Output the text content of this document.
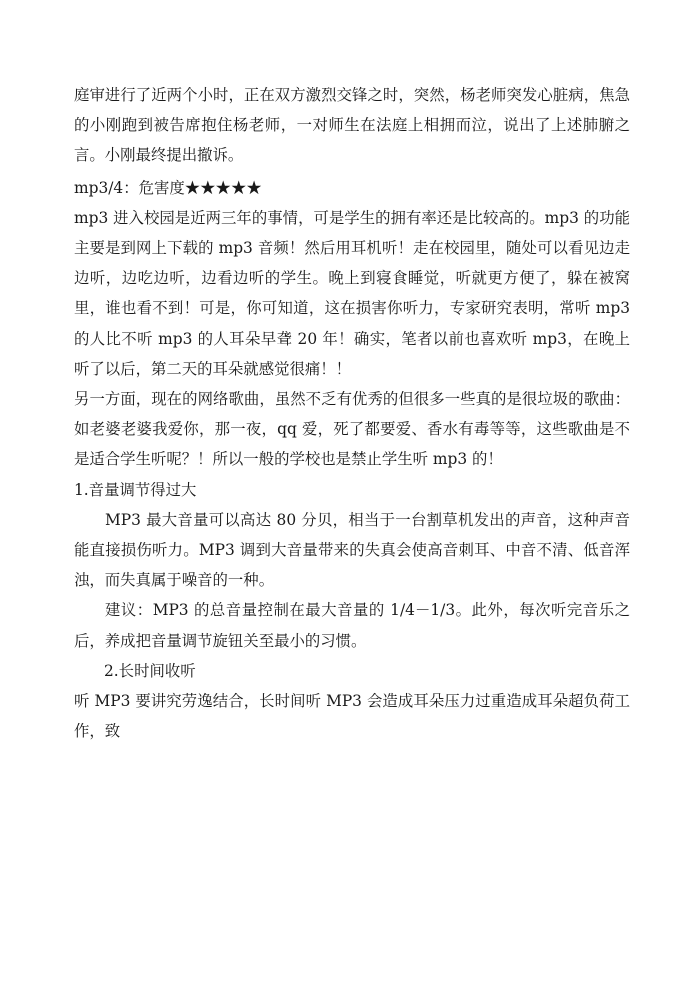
庭审进行了近两个小时，正在双方激烈交锋之时，突然，杨老师突发心脏病，焦急的小刚跑到被告席抱住杨老师，一对师生在法庭上相拥而泣，说出了上述肺腑之言。小刚最终提出撤诉。

mp3/4：危害度★★★★★

mp3 进入校园是近两三年的事情，可是学生的拥有率还是比较高的。mp3 的功能主要是到网上下载的 mp3 音频！然后用耳机听！走在校园里，随处可以看见边走边听，边吃边听，边看边听的学生。晚上到寝食睡觉，听就更方便了，躲在被窝里，谁也看不到！可是，你可知道，这在损害你听力，专家研究表明，常听 mp3 的人比不听 mp3 的人耳朵早聋 20 年！确实，笔者以前也喜欢听 mp3，在晚上听了以后，第二天的耳朵就感觉很痛！！

另一方面，现在的网络歌曲，虽然不乏有优秀的但很多一些真的是很垃圾的歌曲：如老婆老婆我爱你，那一夜，qq 爱，死了都要爱、香水有毒等等，这些歌曲是不是适合学生听呢？！所以一般的学校也是禁止学生听 mp3 的！

1.音量调节得过大

MP3 最大音量可以高达 80 分贝，相当于一台割草机发出的声音，这种声音能直接损伤听力。MP3 调到大音量带来的失真会使高音刺耳、中音不清、低音浑浊，而失真属于噪音的一种。

建议：MP3 的总音量控制在最大音量的 1/4－1/3。此外，每次听完音乐之后，养成把音量调节旋钮关至最小的习惯。

2.长时间收听

听 MP3 要讲究劳逸结合，长时间听 MP3 会造成耳朵压力过重造成耳朵超负荷工作，致
